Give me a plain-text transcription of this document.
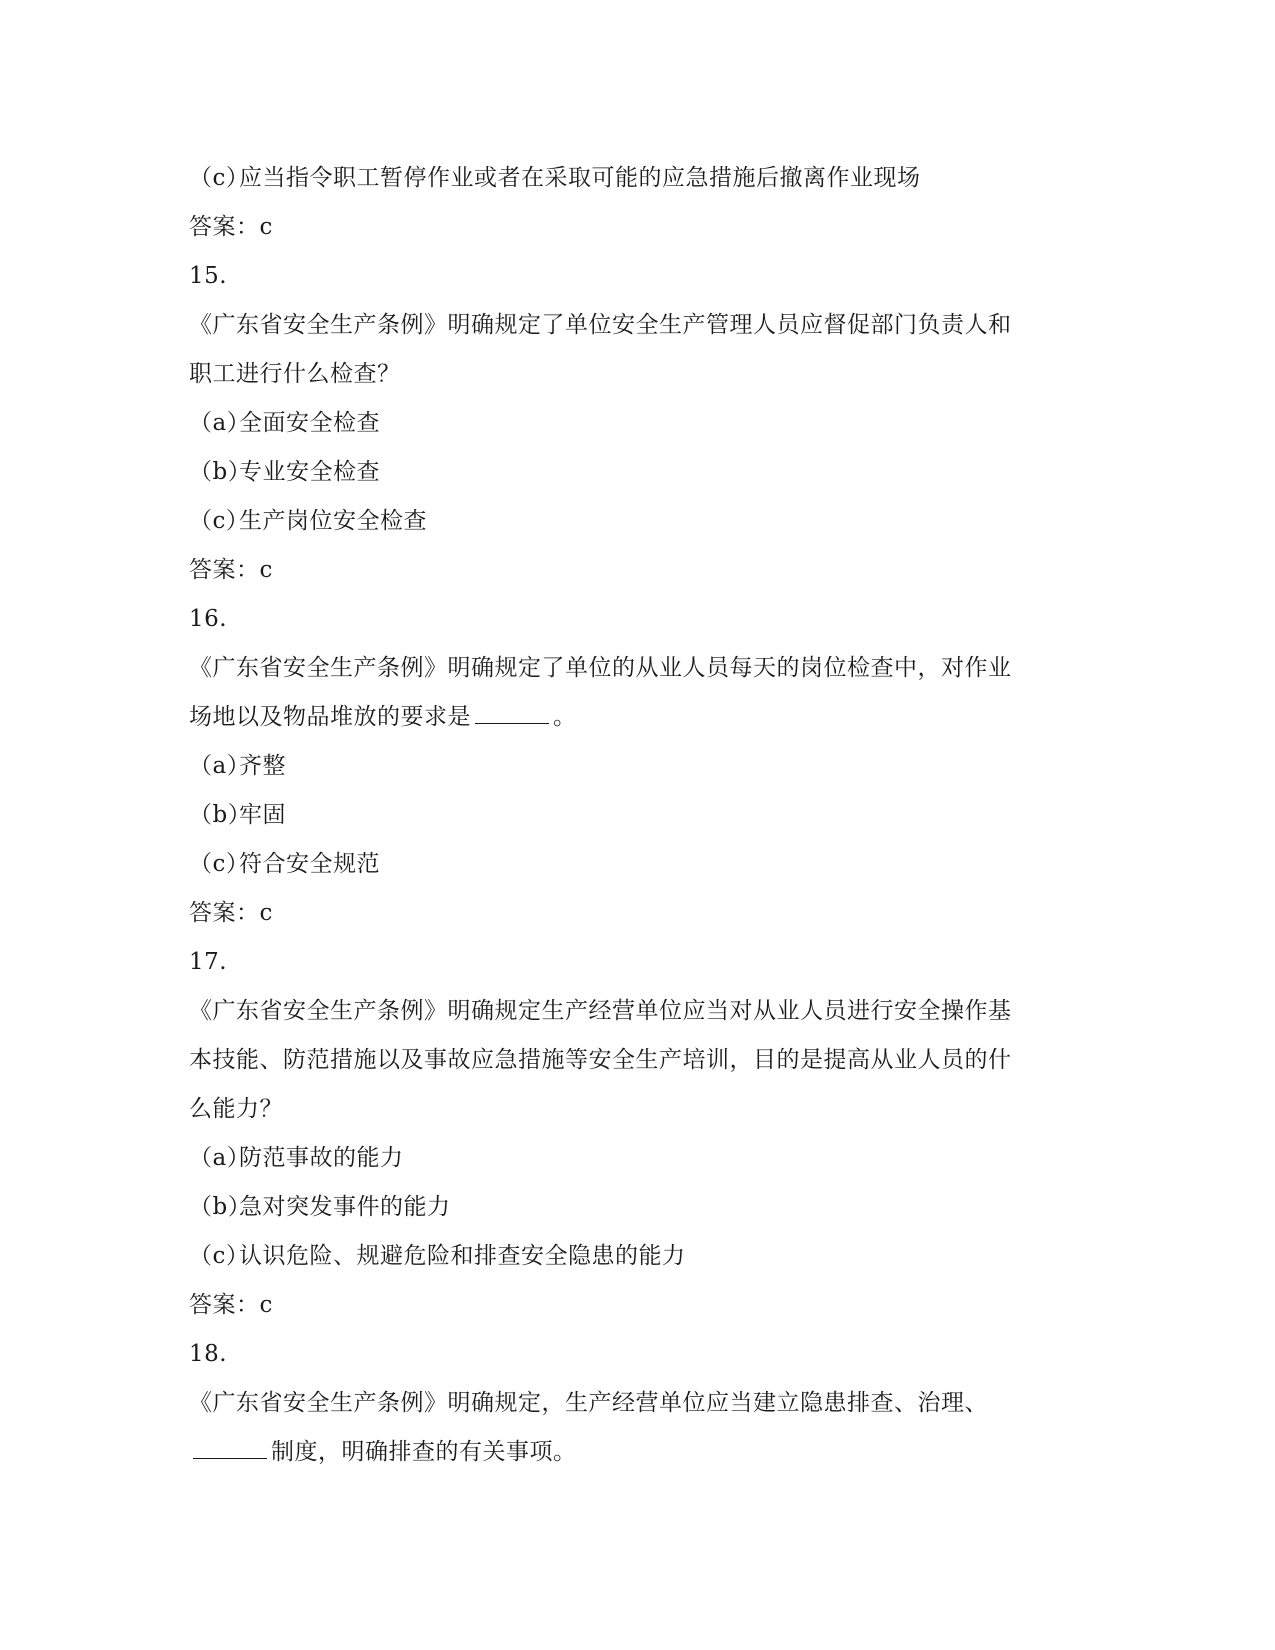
（c）应当指令职工暂停作业或者在采取可能的应急措施后撤离作业现场
答案：c
15.
《广东省安全生产条例》明确规定了单位安全生产管理人员应督促部门负责人和
职工进行什么检查？
（a）全面安全检查
（b）专业安全检查
（c）生产岗位安全检查
答案：c
16.
《广东省安全生产条例》明确规定了单位的从业人员每天的岗位检查中，对作业
场地以及物品堆放的要求是	。
（a）齐整
（b）牢固
（c）符合安全规范
答案：c
17.
《广东省安全生产条例》明确规定生产经营单位应当对从业人员进行安全操作基
本技能、防范措施以及事故应急措施等安全生产培训，目的是提高从业人员的什
么能力？
（a）防范事故的能力
（b）急对突发事件的能力
（c）认识危险、规避危险和排查安全隐患的能力
答案：c
18.
《广东省安全生产条例》明确规定，生产经营单位应当建立隐患排查、治理、
制度，明确排查的有关事项。
